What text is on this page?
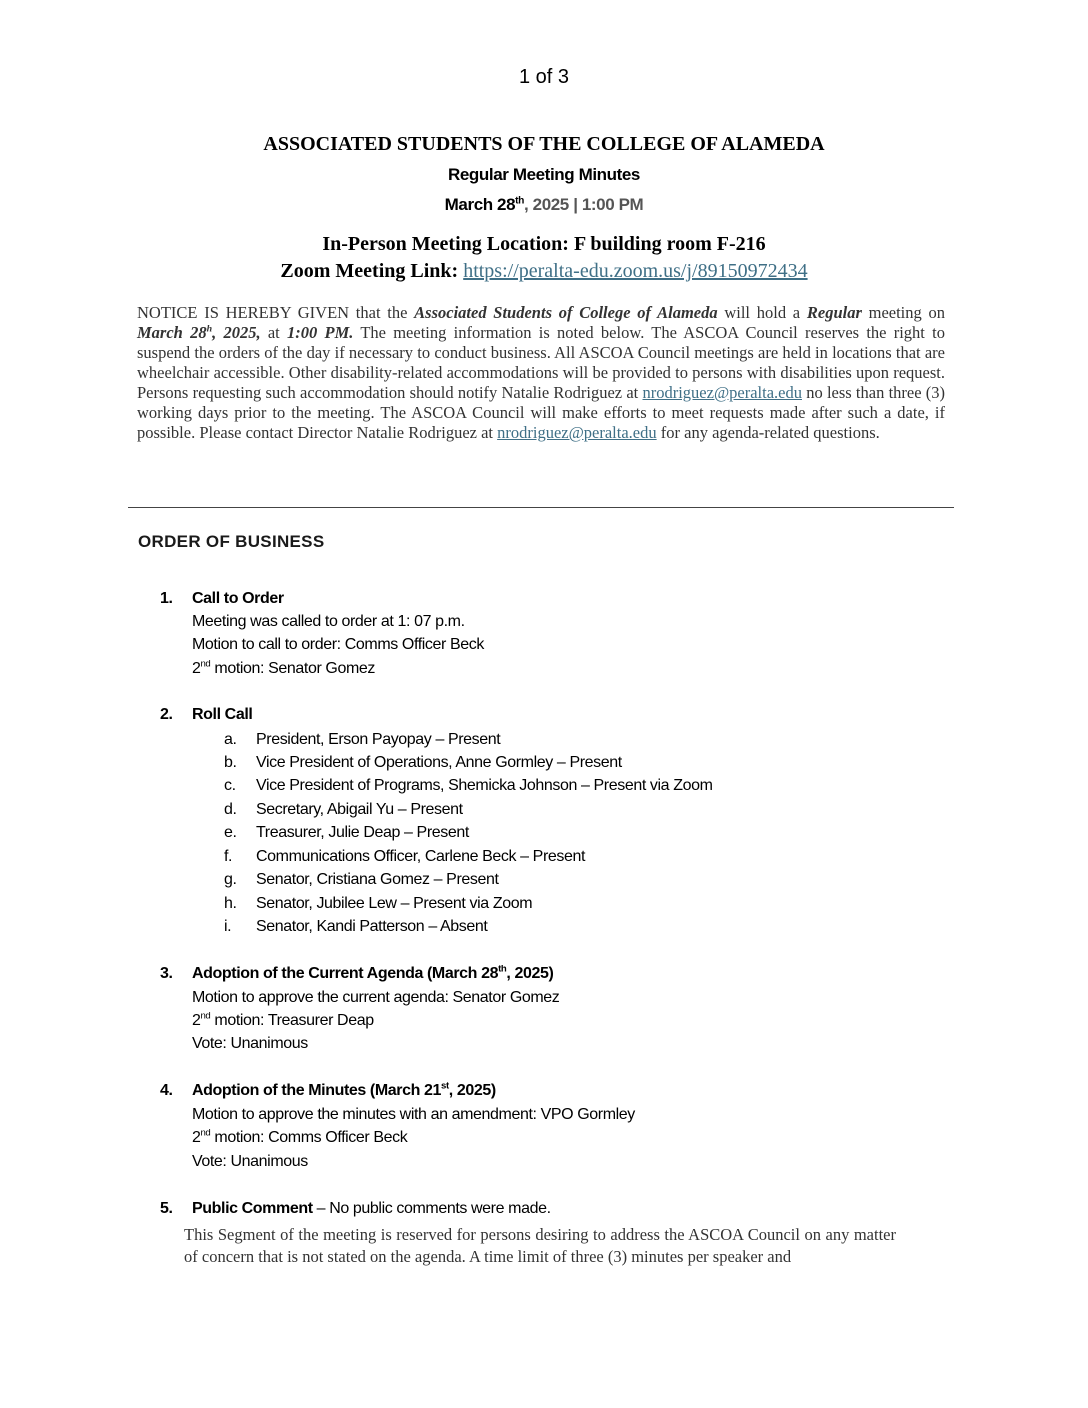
1 of 3
ASSOCIATED STUDENTS OF THE COLLEGE OF ALAMEDA
Regular Meeting Minutes
March 28th, 2025 | 1:00 PM
In-Person Meeting Location: F building room F-216
Zoom Meeting Link: https://peralta-edu.zoom.us/j/89150972434
NOTICE IS HEREBY GIVEN that the Associated Students of College of Alameda will hold a Regular meeting on March 28$^h$, 2025, at 1:00 PM. The meeting information is noted below. The ASCOA Council reserves the right to suspend the orders of the day if necessary to conduct business. All ASCOA Council meetings are held in locations that are wheelchair accessible. Other disability-related accommodations will be provided to persons with disabilities upon request. Persons requesting such accommodation should notify Natalie Rodriguez at nrodriguez@peralta.edu no less than three (3) working days prior to the meeting. The ASCOA Council will make efforts to meet requests made after such a date, if possible. Please contact Director Natalie Rodriguez at nrodriguez@peralta.edu for any agenda-related questions.
ORDER OF BUSINESS
1. Call to Order
Meeting was called to order at 1: 07 p.m.
Motion to call to order: Comms Officer Beck
2nd motion: Senator Gomez
2. Roll Call
a. President, Erson Payopay – Present
b. Vice President of Operations, Anne Gormley – Present
c. Vice President of Programs, Shemicka Johnson – Present via Zoom
d. Secretary, Abigail Yu – Present
e. Treasurer, Julie Deap – Present
f. Communications Officer, Carlene Beck – Present
g. Senator, Cristiana Gomez – Present
h. Senator, Jubilee Lew – Present via Zoom
i. Senator, Kandi Patterson – Absent
3. Adoption of the Current Agenda (March 28th, 2025)
Motion to approve the current agenda: Senator Gomez
2nd motion: Treasurer Deap
Vote: Unanimous
4. Adoption of the Minutes (March 21st, 2025)
Motion to approve the minutes with an amendment: VPO Gormley
2nd motion: Comms Officer Beck
Vote: Unanimous
5. Public Comment – No public comments were made.
This Segment of the meeting is reserved for persons desiring to address the ASCOA Council on any matter of concern that is not stated on the agenda. A time limit of three (3) minutes per speaker and
